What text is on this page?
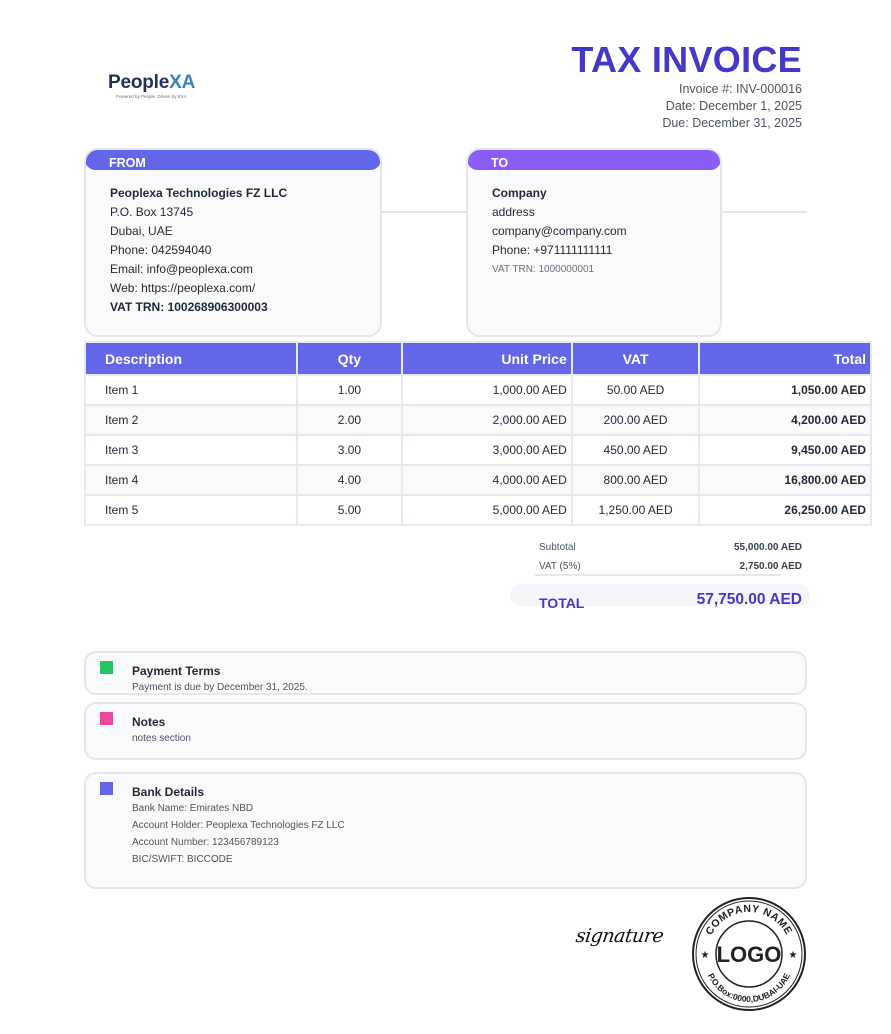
PeopleXA
Powered by People, Driven by EXA
TAX INVOICE
Invoice #: INV-000016
Date: December 1, 2025
Due: December 31, 2025
FROM
Peoplexa Technologies FZ LLC
P.O. Box 13745
Dubai, UAE
Phone: 042594040
Email: info@peoplexa.com
Web: https://peoplexa.com/
VAT TRN: 100268906300003
TO
Company
address
company@company.com
Phone: +971111111111
VAT TRN: 1000000001
Description	Qty	Unit Price	VAT	Total
Item 1	1.00	1,000.00 AED	50.00 AED	1,050.00 AED
Item 2	2.00	2,000.00 AED	200.00 AED	4,200.00 AED
Item 3	3.00	3,000.00 AED	450.00 AED	9,450.00 AED
Item 4	4.00	4,000.00 AED	800.00 AED	16,800.00 AED
Item 5	5.00	5,000.00 AED	1,250.00 AED	26,250.00 AED
Subtotal	55,000.00 AED
VAT (5%)	2,750.00 AED
TOTAL	57,750.00 AED
Payment Terms
Payment is due by December 31, 2025.
Notes
notes section
Bank Details
Bank Name: Emirates NBD
Account Holder: Peoplexa Technologies FZ LLC
Account Number: 123456789123
BIC/SWIFT: BICCODE
signature	COMPANY NAME
P.O.Box:0000,DUBAI-UAE
LOGO
★	★
